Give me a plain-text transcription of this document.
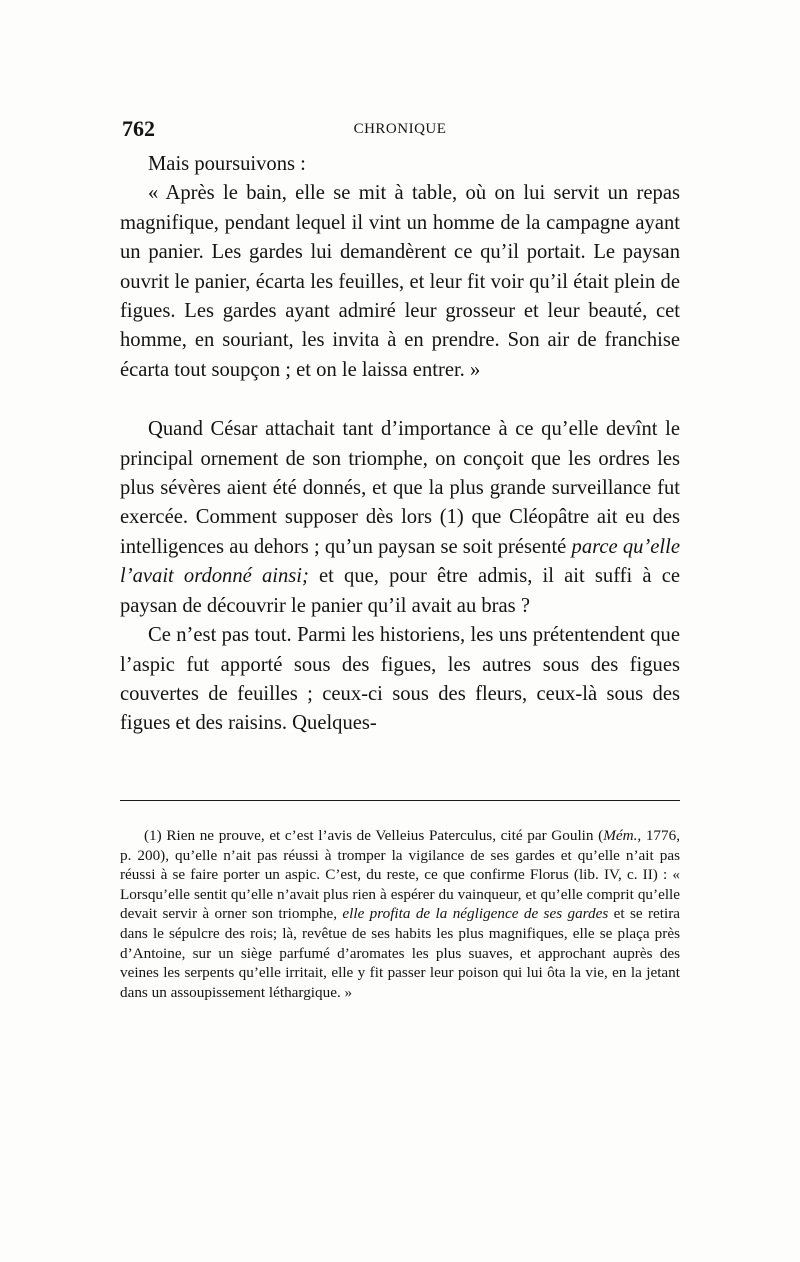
762	CHRONIQUE

Mais poursuivons :

« Après le bain, elle se mit à table, où on lui servit un repas magnifique, pendant lequel il vint un homme de la campagne ayant un panier. Les gardes lui demandèrent ce qu’il portait. Le paysan ouvrit le panier, écarta les feuilles, et leur fit voir qu’il était plein de figues. Les gardes ayant admiré leur grosseur et leur beauté, cet homme, en souriant, les invita à en prendre. Son air de franchise écarta tout soupçon ; et on le laissa entrer. »

Quand César attachait tant d’importance à ce qu’elle devînt le principal ornement de son triomphe, on conçoit que les ordres les plus sévères aient été donnés, et que la plus grande surveillance fut exercée. Comment supposer dès lors (1) que Cléopâtre ait eu des intelligences au dehors ; qu’un paysan se soit présenté parce qu’elle l’avait ordonné ainsi; et que, pour être admis, il ait suffi à ce paysan de découvrir le panier qu’il avait au bras ?

Ce n’est pas tout. Parmi les historiens, les uns prétentendent que l’aspic fut apporté sous des figues, les autres sous des figues couvertes de feuilles ; ceux-ci sous des fleurs, ceux-là sous des figues et des raisins. Quelques-

(1) Rien ne prouve, et c’est l’avis de Velleius Paterculus, cité par Goulin (Mém., 1776, p. 200), qu’elle n’ait pas réussi à tromper la vigilance de ses gardes et qu’elle n’ait pas réussi à se faire porter un aspic. C’est, du reste, ce que confirme Florus (lib. IV, c. II) : « Lorsqu’elle sentit qu’elle n’avait plus rien à espérer du vainqueur, et qu’elle comprit qu’elle devait servir à orner son triomphe, elle profita de la négligence de ses gardes et se retira dans le sépulcre des rois; là, revêtue de ses habits les plus magnifiques, elle se plaça près d’Antoine, sur un siège parfumé d’aromates les plus suaves, et approchant auprès des veines les serpents qu’elle irritait, elle y fit passer leur poison qui lui ôta la vie, en la jetant dans un assoupissement léthargique. »
